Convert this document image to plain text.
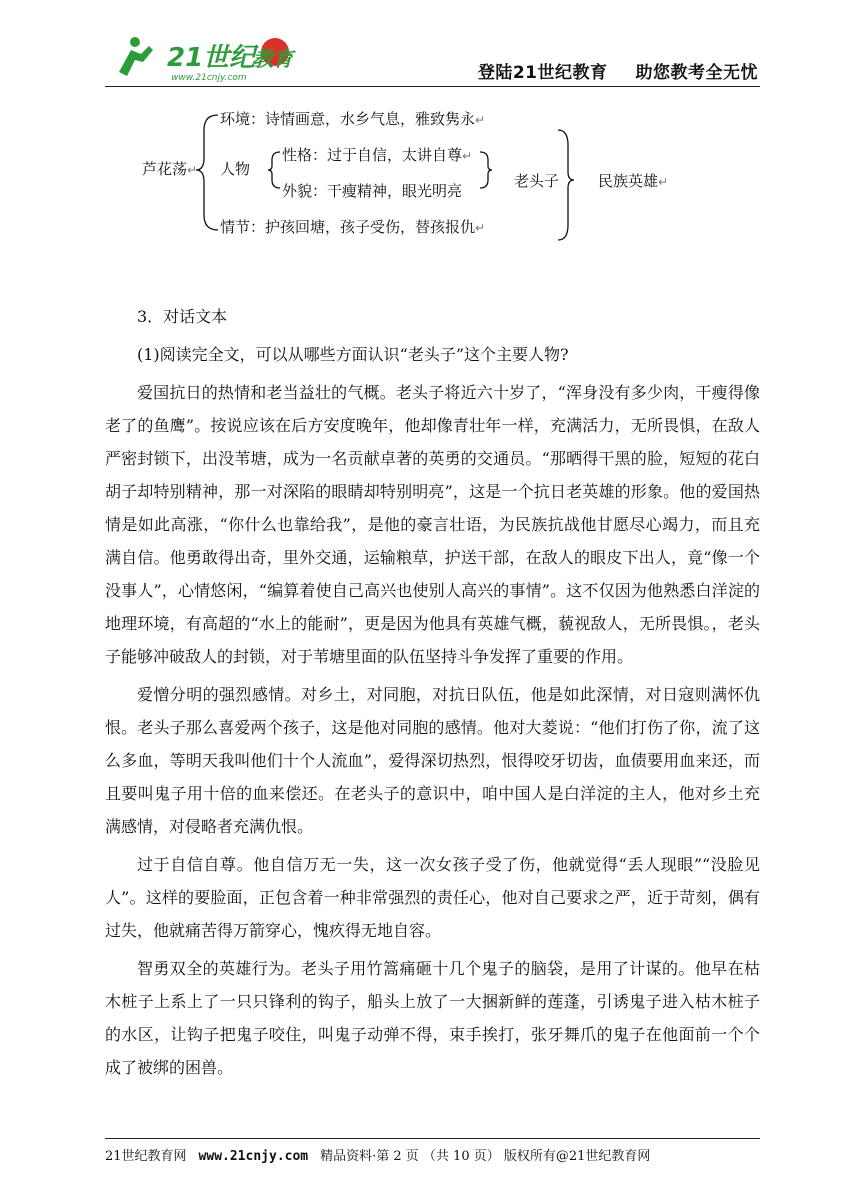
21世纪
教育
www.21cnjy.com	登陆21世纪教育 助您教考全无忧
芦花荡↵
环境：诗情画意，水乡气息，雅致隽永↵
人物
性格：过于自信，太讲自尊↵
外貌：干瘦精神，眼光明亮
情节：护孩回塘，孩子受伤，替孩报仇↵
老头子	民族英雄↵

3．对话文本

(1)阅读完全文，可以从哪些方面认识“老头子”这个主要人物?

爱国抗日的热情和老当益壮的气概。老头子将近六十岁了，“浑身没有多少肉，干瘦得像老了的鱼鹰”。按说应该在后方安度晚年，他却像青壮年一样，充满活力，无所畏惧，在敌人严密封锁下，出没苇塘，成为一名贡献卓著的英勇的交通员。“那晒得干黑的脸，短短的花白胡子却特别精神，那一对深陷的眼睛却特别明亮”，这是一个抗日老英雄的形象。他的爱国热情是如此高涨，“你什么也靠给我”，是他的豪言壮语，为民族抗战他甘愿尽心竭力，而且充满自信。他勇敢得出奇，里外交通，运输粮草，护送干部，在敌人的眼皮下出人，竟“像一个没事人”，心情悠闲，“编算着使自己高兴也使别人高兴的事情”。这不仅因为他熟悉白洋淀的地理环境，有高超的“水上的能耐”，更是因为他具有英雄气概，藐视敌人，无所畏惧。，老头子能够冲破敌人的封锁，对于苇塘里面的队伍坚持斗争发挥了重要的作用。

爱憎分明的强烈感情。对乡土，对同胞，对抗日队伍，他是如此深情，对日寇则满怀仇恨。老头子那么喜爱两个孩子，这是他对同胞的感情。他对大菱说：“他们打伤了你，流了这么多血，等明天我叫他们十个人流血”，爱得深切热烈，恨得咬牙切齿，血债要用血来还，而且要叫鬼子用十倍的血来偿还。在老头子的意识中，咱中国人是白洋淀的主人，他对乡土充满感情，对侵略者充满仇恨。

过于自信自尊。他自信万无一失，这一次女孩子受了伤，他就觉得“丢人现眼”“没脸见人”。这样的要脸面，正包含着一种非常强烈的责任心，他对自己要求之严，近于苛刻，偶有过失，他就痛苦得万箭穿心，愧疚得无地自容。

智勇双全的英雄行为。老头子用竹篙痛砸十几个鬼子的脑袋，是用了计谋的。他早在枯木桩子上系上了一只只锋利的钩子，船头上放了一大捆新鲜的莲蓬，引诱鬼子进入枯木桩子的水区，让钩子把鬼子咬住，叫鬼子动弹不得，束手挨打，张牙舞爪的鬼子在他面前一个个成了被绑的困兽。

21世纪教育网 www.21cnjy.com 精品资料·第 2 页 （共 10 页） 版权所有@21世纪教育网
